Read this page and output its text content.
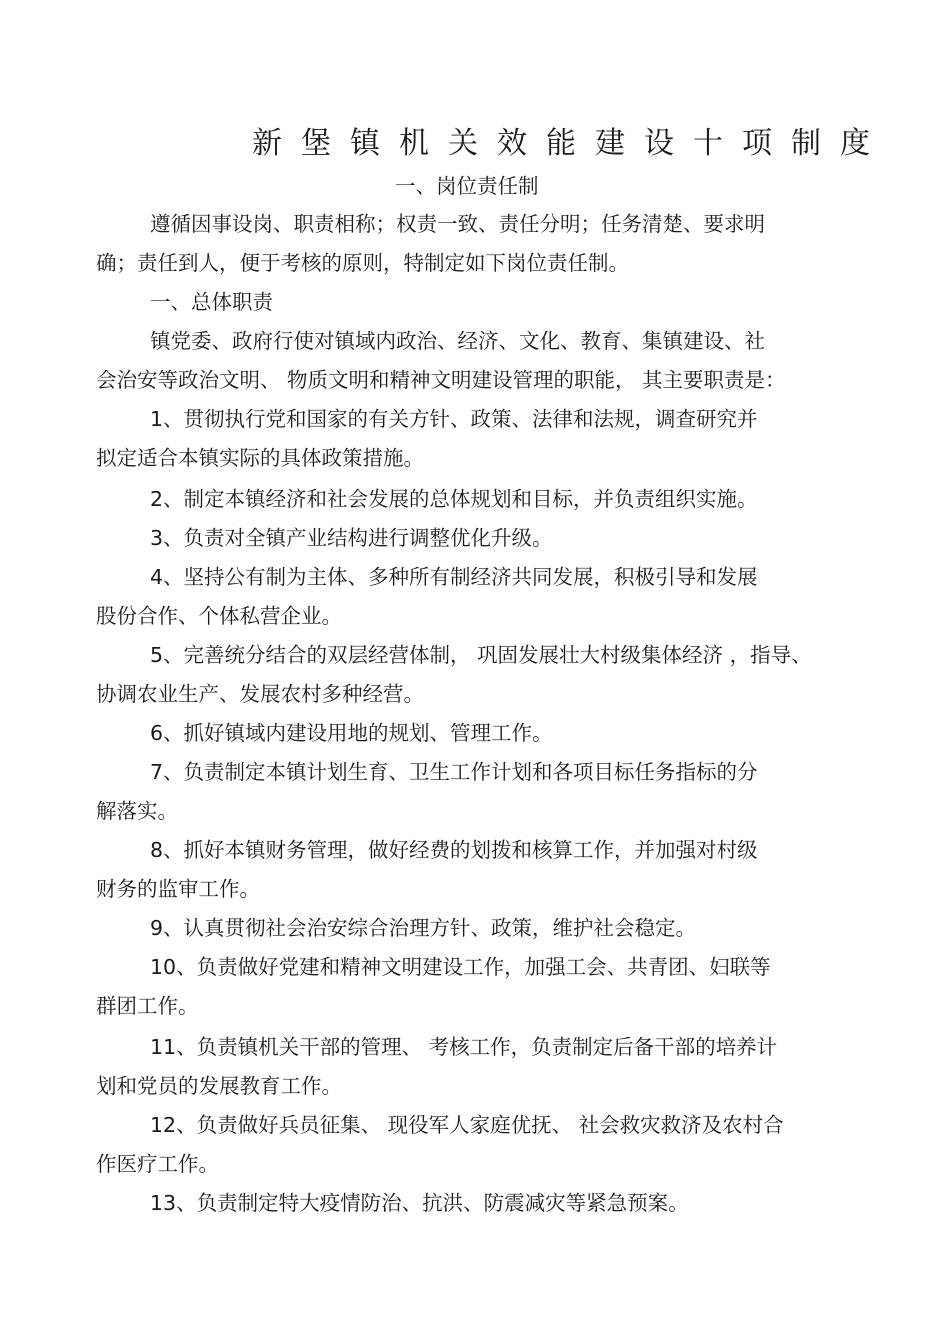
新堡镇机关效能建设十项制度
一、岗位责任制
遵循因事设岗、职责相称；权责一致、责任分明；任务清楚、要求明
确；责任到人，便于考核的原则，特制定如下岗位责任制。
一、总体职责
镇党委、政府行使对镇域内政治、经济、文化、教育、集镇建设、社
会治安等政治文明、 物质文明和精神文明建设管理的职能， 其主要职责是：
1、贯彻执行党和国家的有关方针、政策、法律和法规，调查研究并
拟定适合本镇实际的具体政策措施。
2、制定本镇经济和社会发展的总体规划和目标，并负责组织实施。
3、负责对全镇产业结构进行调整优化升级。
4、坚持公有制为主体、多种所有制经济共同发展，积极引导和发展
股份合作、个体私营企业。
5、完善统分结合的双层经营体制， 巩固发展壮大村级集体经济 ，指导、
协调农业生产、发展农村多种经营。
6、抓好镇域内建设用地的规划、管理工作。
7、负责制定本镇计划生育、卫生工作计划和各项目标任务指标的分
解落实。
8、抓好本镇财务管理，做好经费的划拨和核算工作，并加强对村级
财务的监审工作。
9、认真贯彻社会治安综合治理方针、政策，维护社会稳定。
10、负责做好党建和精神文明建设工作，加强工会、共青团、妇联等
群团工作。
11、负责镇机关干部的管理、 考核工作，负责制定后备干部的培养计
划和党员的发展教育工作。
12、负责做好兵员征集、 现役军人家庭优抚、 社会救灾救济及农村合
作医疗工作。
13、负责制定特大疫情防治、抗洪、防震减灾等紧急预案。
